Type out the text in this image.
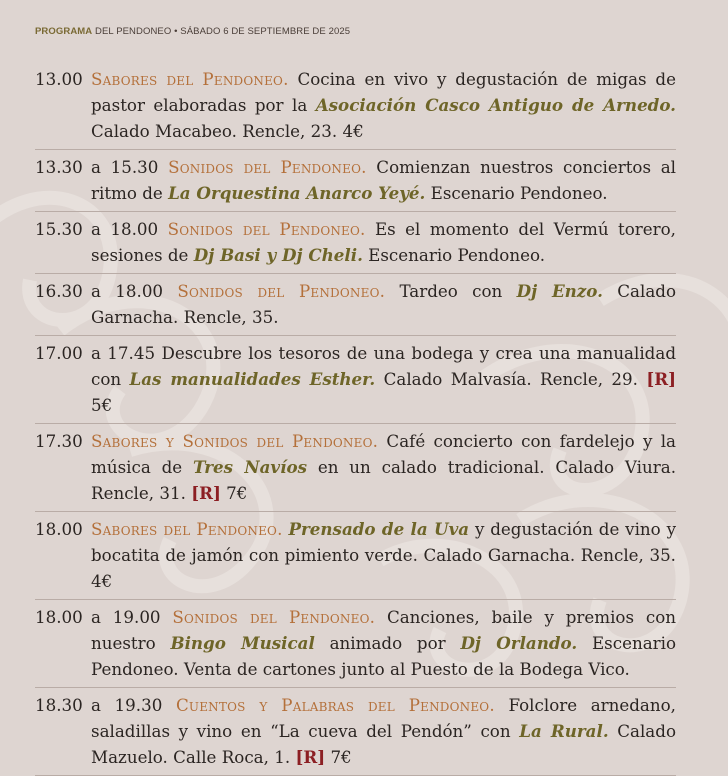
PROGRAMA DEL PENDONEO • SÁBADO 6 DE SEPTIEMBRE DE 2025
13.00 Sabores del Pendoneo. Cocina en vivo y degustación de migas de pastor elaboradas por la Asociación Casco Antiguo de Arnedo. Calado Macabeo. Rencle, 23. 4€
13.30 a 15.30 Sonidos del Pendoneo. Comienzan nuestros conciertos al ritmo de La Orquestina Anarco Yeyé. Escenario Pendoneo.
15.30 a 18.00 Sonidos del Pendoneo. Es el momento del Vermú torero, sesiones de Dj Basi y Dj Cheli. Escenario Pendoneo.
16.30 a 18.00 Sonidos del Pendoneo. Tardeo con Dj Enzo. Calado Garnacha. Rencle, 35.
17.00 a 17.45 Descubre los tesoros de una bodega y crea una manualidad con Las manualidades Esther. Calado Malvasía. Rencle, 29. [R] 5€
17.30 Sabores y Sonidos del Pendoneo. Café concierto con fardelejo y la música de Tres Navíos en un calado tradicional. Calado Viura. Rencle, 31. [R] 7€
18.00 Sabores del Pendoneo. Prensado de la Uva y degustación de vino y bocatita de jamón con pimiento verde. Calado Garnacha. Rencle, 35. 4€
18.00 a 19.00 Sonidos del Pendoneo. Canciones, baile y premios con nuestro Bingo Musical animado por Dj Orlando. Escenario Pendoneo. Venta de cartones junto al Puesto de la Bodega Vico.
18.30 a 19.30 Cuentos y Palabras del Pendoneo. Folclore arnedano, saladillas y vino en “La cueva del Pendón” con La Rural. Calado Mazuelo. Calle Roca, 1. [R] 7€
